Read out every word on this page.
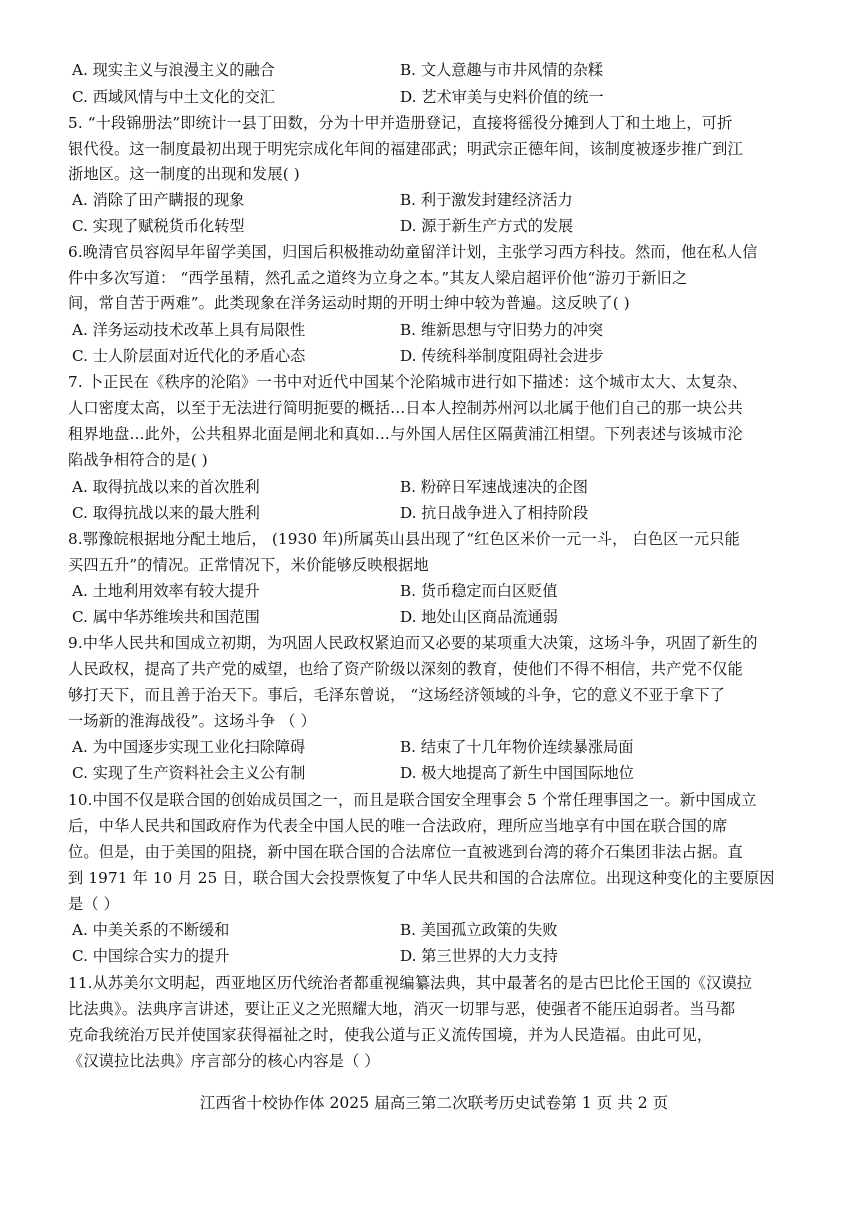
A. 现实主义与浪漫主义的融合	B. 文人意趣与市井风情的杂糅
C. 西域风情与中土文化的交汇	D. 艺术审美与史料价值的统一
5. “十段锦册法”即统计一县丁田数，分为十甲并造册登记，直接将徭役分摊到人丁和土地上，可折
银代役。这一制度最初出现于明宪宗成化年间的福建邵武；明武宗正德年间，该制度被逐步推广到江
浙地区。这一制度的出现和发展( )
A. 消除了田产瞒报的现象	B. 利于激发封建经济活力
C. 实现了赋税货币化转型	D. 源于新生产方式的发展
6.晚清官员容闳早年留学美国，归国后积极推动幼童留洋计划，主张学习西方科技。然而，他在私人信
件中多次写道： “西学虽精，然孔孟之道终为立身之本。”其友人梁启超评价他“游刃于新旧之
间，常自苦于两难”。此类现象在洋务运动时期的开明士绅中较为普遍。这反映了( )
A. 洋务运动技术改革上具有局限性	B. 维新思想与守旧势力的冲突
C. 士人阶层面对近代化的矛盾心态	D. 传统科举制度阻碍社会进步
7. 卜正民在《秩序的沦陷》一书中对近代中国某个沦陷城市进行如下描述：这个城市太大、太复杂、
人口密度太高，以至于无法进行简明扼要的概括…日本人控制苏州河以北属于他们自己的那一块公共
租界地盘…此外，公共租界北面是闸北和真如…与外国人居住区隔黄浦江相望。下列表述与该城市沦
陷战争相符合的是( )
A. 取得抗战以来的首次胜利	B. 粉碎日军速战速决的企图
C. 取得抗战以来的最大胜利	D. 抗日战争进入了相持阶段
8.鄂豫皖根据地分配土地后， (1930 年)所属英山县出现了“红色区米价一元一斗， 白色区一元只能
买四五升”的情况。正常情况下，米价能够反映根据地
A. 土地利用效率有较大提升	B. 货币稳定而白区贬值
C. 属中华苏维埃共和国范围	D. 地处山区商品流通弱
9.中华人民共和国成立初期，为巩固人民政权紧迫而又必要的某项重大决策，这场斗争，巩固了新生的
人民政权，提高了共产党的威望，也给了资产阶级以深刻的教育，使他们不得不相信，共产党不仅能
够打天下，而且善于治天下。事后，毛泽东曾说， “这场经济领域的斗争，它的意义不亚于拿下了
一场新的淮海战役”。这场斗争 （ ）
A. 为中国逐步实现工业化扫除障碍	B. 结束了十几年物价连续暴涨局面
C. 实现了生产资料社会主义公有制	D. 极大地提高了新生中国国际地位
10.中国不仅是联合国的创始成员国之一，而且是联合国安全理事会 5 个常任理事国之一。新中国成立
后，中华人民共和国政府作为代表全中国人民的唯一合法政府，理所应当地享有中国在联合国的席
位。但是，由于美国的阻挠，新中国在联合国的合法席位一直被逃到台湾的蒋介石集团非法占据。直
到 1971 年 10 月 25 日，联合国大会投票恢复了中华人民共和国的合法席位。出现这种变化的主要原因
是（ ）
A. 中美关系的不断缓和	B. 美国孤立政策的失败
C. 中国综合实力的提升	D. 第三世界的大力支持
11.从苏美尔文明起，西亚地区历代统治者都重视编纂法典，其中最著名的是古巴比伦王国的《汉谟拉
比法典》。法典序言讲述，要让正义之光照耀大地，消灭一切罪与恶，使强者不能压迫弱者。当马都
克命我统治万民并使国家获得福祉之时，使我公道与正义流传国境，并为人民造福。由此可见，
《汉谟拉比法典》序言部分的核心内容是（ ）
江西省十校协作体 2025 届高三第二次联考历史试卷第 1 页 共 2 页
